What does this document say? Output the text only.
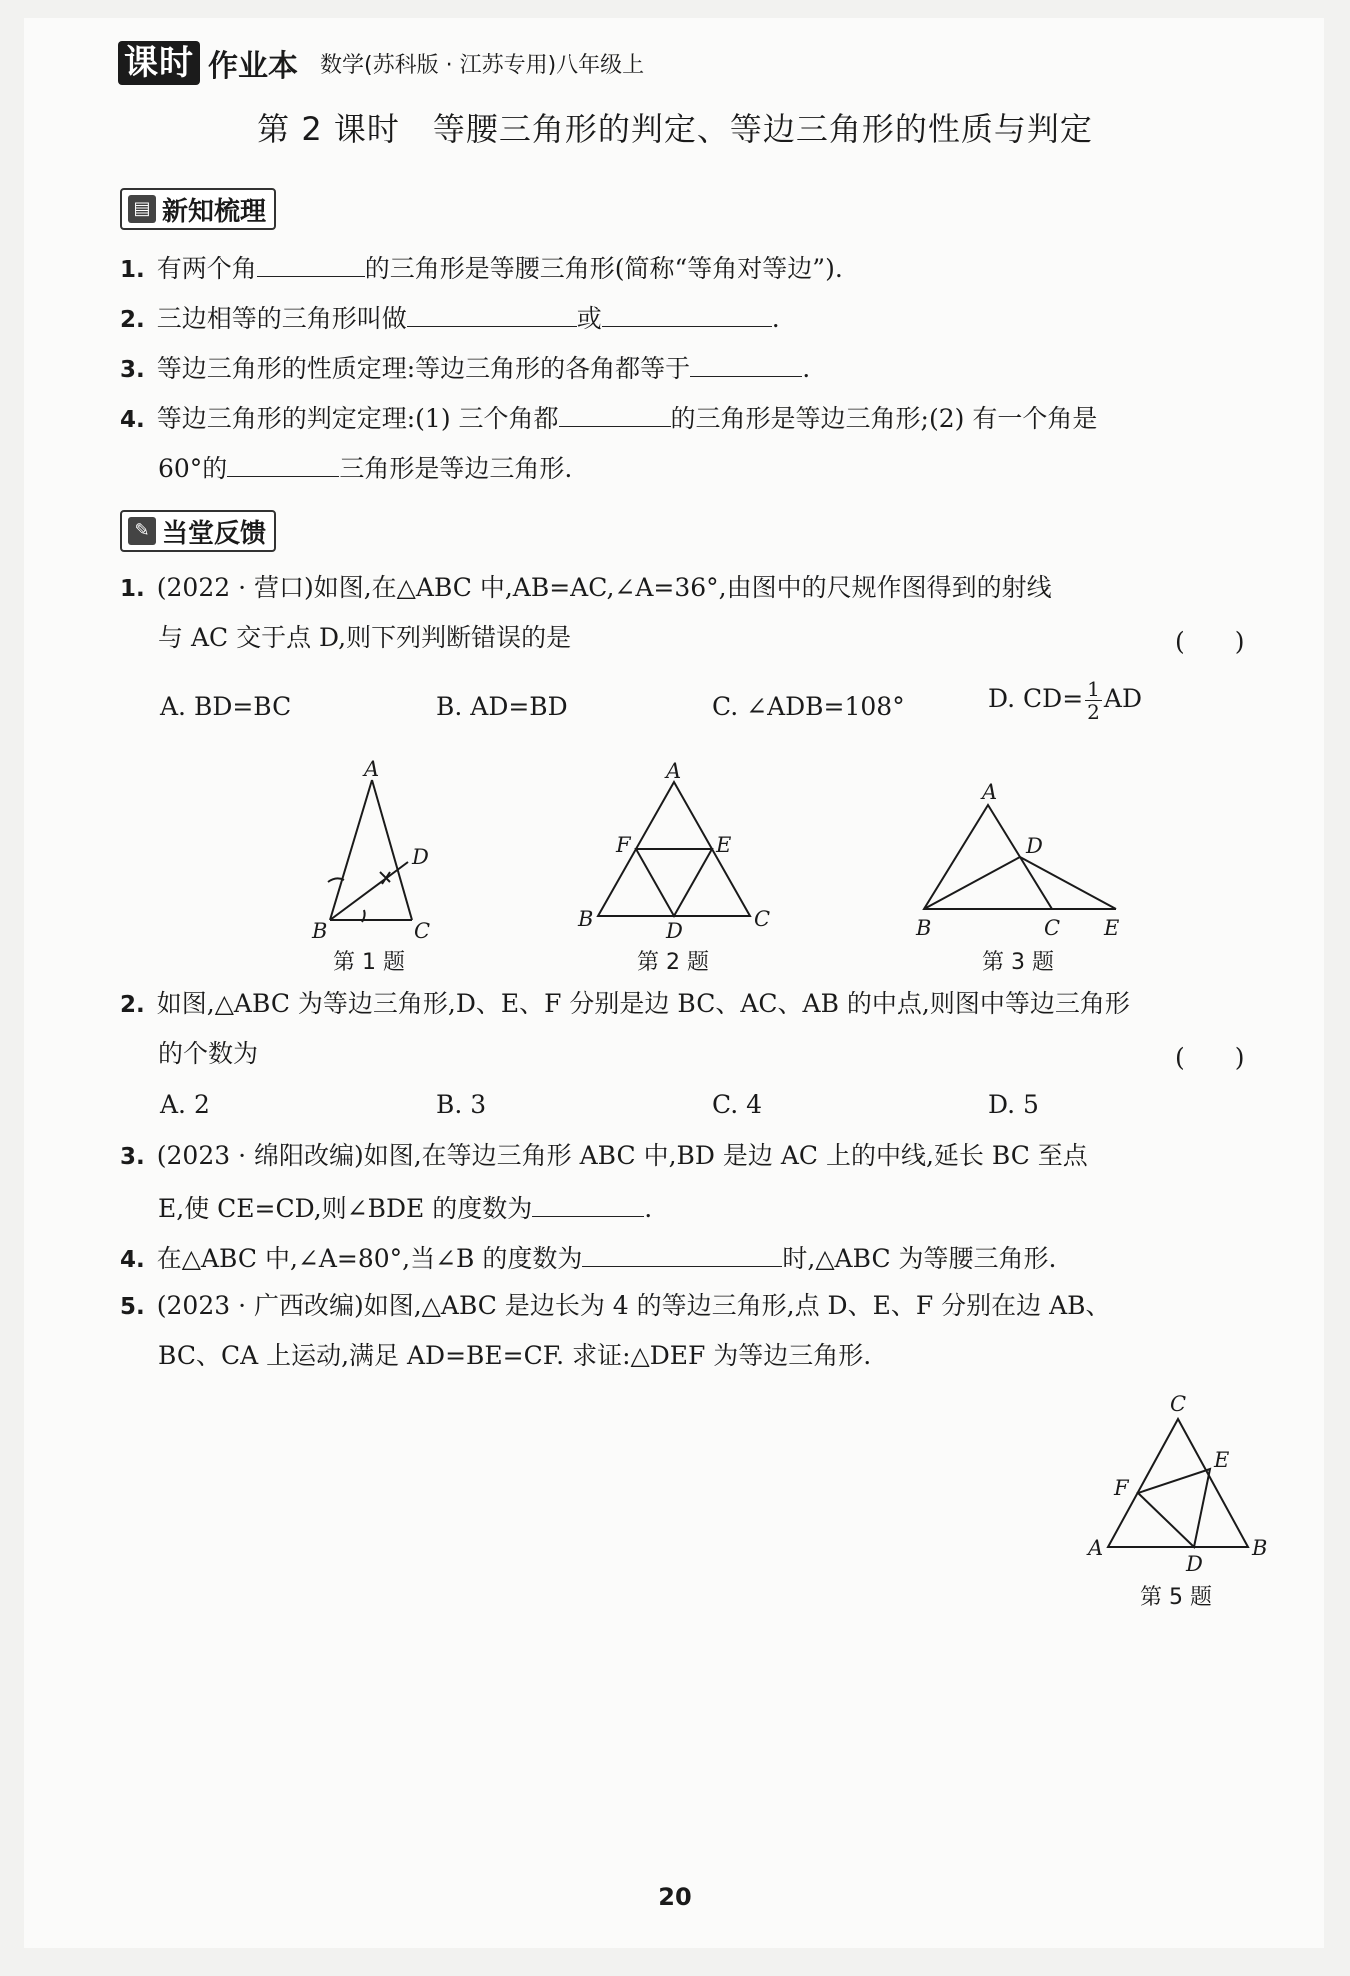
课时 作业本 数学(苏科版 · 江苏专用)八年级上
第 2 课时　等腰三角形的判定、等边三角形的性质与判定
▤ 新知梳理
1. 有两个角	的三角形是等腰三角形(简称“等角对等边”).
2. 三边相等的三角形叫做	或	.
3. 等边三角形的性质定理:等边三角形的各角都等于	.
4. 等边三角形的判定定理:(1) 三个角都	的三角形是等边三角形;(2) 有一个角是
60°的	三角形是等边三角形.
✎ 当堂反馈
1. (2022 · 营口)如图,在△ABC 中,AB=AC,∠A=36°,由图中的尺规作图得到的射线
与 AC 交于点 D,则下列判断错误的是	(　　)
A. BD=BC	B. AD=BD	C. ∠ADB=108°	D. $CD= \frac{1}{2}$ AD
A
B	C
D
第 1 题
A
B	C
D
E
F
第 2 题
A
B	C
D
E
第 3 题
2. 如图,△ABC 为等边三角形,D、E、F 分别是边 BC、AC、AB 的中点,则图中等边三角形
的个数为	(　　)
A. 2	B. 3	C. 4	D. 5
3. (2023 · 绵阳改编)如图,在等边三角形 ABC 中,BD 是边 AC 上的中线,延长 BC 至点
E,使 CE=CD,则∠BDE 的度数为	.
4. 在△ABC 中,∠A=80°,当∠B 的度数为	时,△ABC 为等腰三角形.
5. (2023 · 广西改编)如图,△ABC 是边长为 4 的等边三角形,点 D、E、F 分别在边 AB、
BC、CA 上运动,满足 AD=BE=CF. 求证:△DEF 为等边三角形.
C
A	B
D
E
F
第 5 题
20
